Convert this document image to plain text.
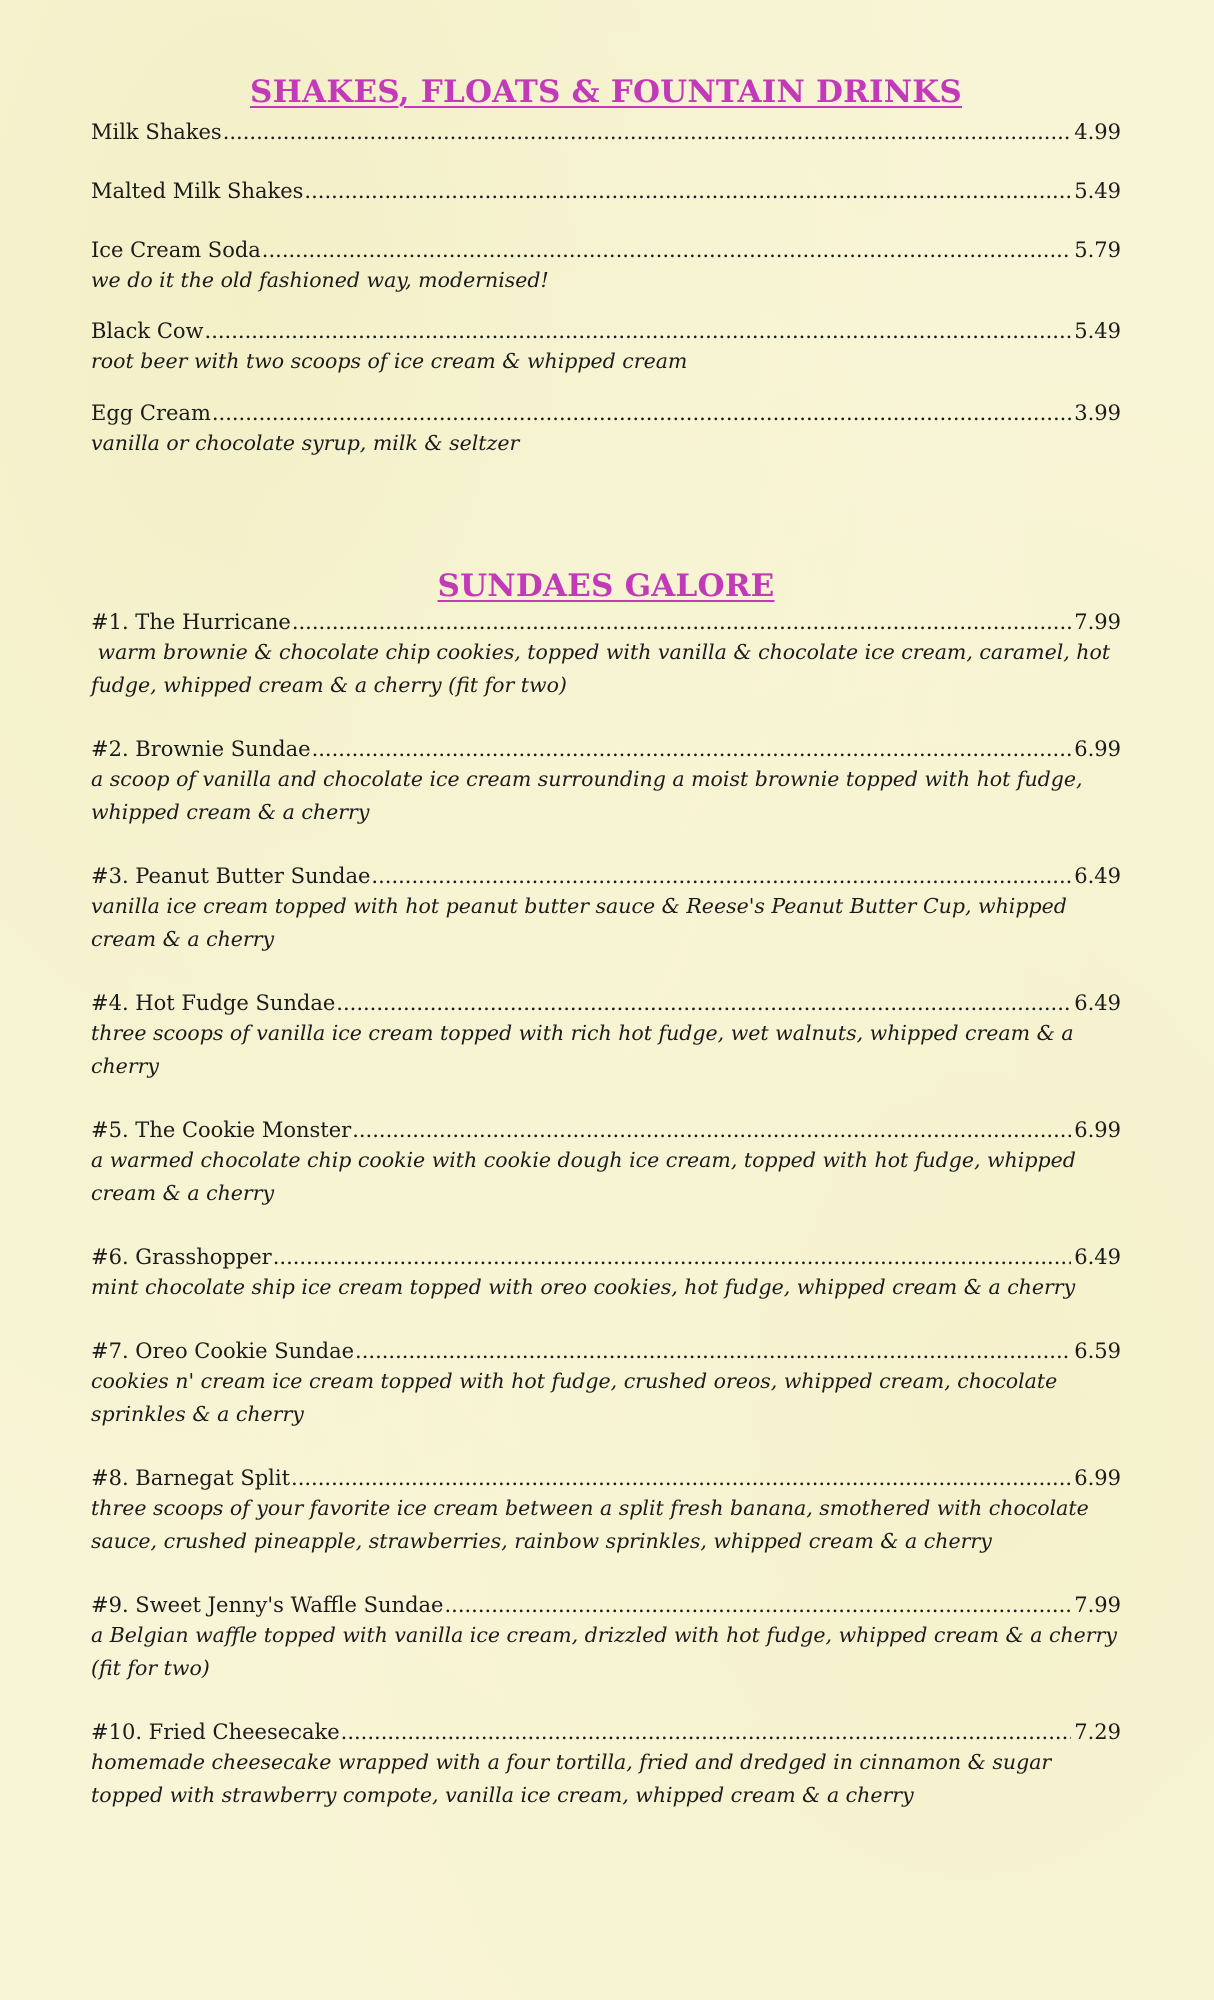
SHAKES, FLOATS & FOUNTAIN DRINKS
Milk Shakes .....	4.99
Malted Milk Shakes .....	5.49
Ice Cream Soda .....	5.79

we do it the old fashioned way, modernised!

Black Cow .....	5.49

root beer with two scoops of ice cream & whipped cream

Egg Cream .....	3.99

vanilla or chocolate syrup, milk & seltzer

SUNDAES GALORE
#1. The Hurricane .....	7.99

warm brownie & chocolate chip cookies, topped with vanilla & chocolate ice cream, caramel, hot fudge, whipped cream & a cherry (fit for two)

#2. Brownie Sundae .....	6.99

a scoop of vanilla and chocolate ice cream surrounding a moist brownie topped with hot fudge, whipped cream & a cherry

#3. Peanut Butter Sundae .....	6.49

vanilla ice cream topped with hot peanut butter sauce & Reese's Peanut Butter Cup, whipped cream & a cherry

#4. Hot Fudge Sundae .....	6.49

three scoops of vanilla ice cream topped with rich hot fudge, wet walnuts, whipped cream & a cherry

#5. The Cookie Monster .....	6.99

a warmed chocolate chip cookie with cookie dough ice cream, topped with hot fudge, whipped cream & a cherry

#6. Grasshopper .....	6.49

mint chocolate ship ice cream topped with oreo cookies, hot fudge, whipped cream & a cherry

#7. Oreo Cookie Sundae .....	6.59

cookies n' cream ice cream topped with hot fudge, crushed oreos, whipped cream, chocolate sprinkles & a cherry

#8. Barnegat Split .....	6.99

three scoops of your favorite ice cream between a split fresh banana, smothered with chocolate sauce, crushed pineapple, strawberries, rainbow sprinkles, whipped cream & a cherry

#9. Sweet Jenny's Waffle Sundae .....	7.99

a Belgian waffle topped with vanilla ice cream, drizzled with hot fudge, whipped cream & a cherry (fit for two)

#10. Fried Cheesecake .....	7.29

homemade cheesecake wrapped with a four tortilla, fried and dredged in cinnamon & sugar topped with strawberry compote, vanilla ice cream, whipped cream & a cherry
